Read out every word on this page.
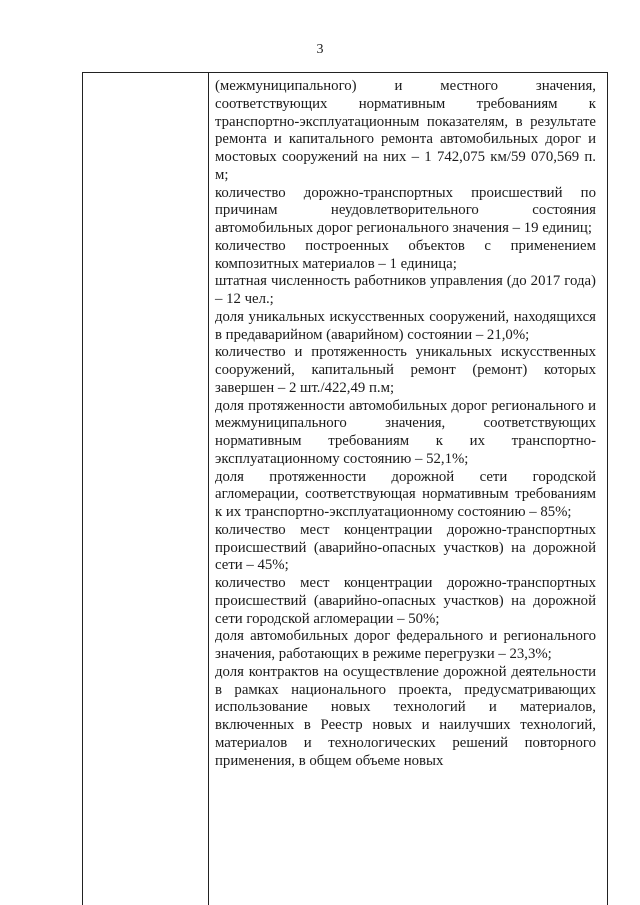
3

(межмуниципального) и местного значения, соответствующих нормативным требованиям к транспортно-эксплуатационным показателям, в результате ремонта и капитального ремонта автомобильных дорог и мостовых сооружений на них – 1 742,075 км/59 070,569 п. м;

количество дорожно-транспортных происшествий по причинам неудовлетворительного состояния автомобильных дорог регионального значения – 19 единиц;

количество построенных объектов с применением композитных материалов – 1 единица;

штатная численность работников управления (до 2017 года) – 12 чел.;

доля уникальных искусственных сооружений, находящихся в предаварийном (аварийном) состоянии – 21,0%;

количество и протяженность уникальных искусственных сооружений, капитальный ремонт (ремонт) которых завершен – 2 шт./422,49 п.м;

доля протяженности автомобильных дорог регионального и межмуниципального значения, соответствующих нормативным требованиям к их транспортно-эксплуатационному состоянию – 52,1%;

доля протяженности дорожной сети городской агломерации, соответствующая нормативным требованиям к их транспортно-эксплуатационному состоянию – 85%;

количество мест концентрации дорожно-транспортных происшествий (аварийно-опасных участков) на дорожной сети – 45%;

количество мест концентрации дорожно-транспортных происшествий (аварийно-опасных участков) на дорожной сети городской агломерации – 50%;

доля автомобильных дорог федерального и регионального значения, работающих в режиме перегрузки – 23,3%;

доля контрактов на осуществление дорожной деятельности в рамках национального проекта, предусматривающих использование новых технологий и материалов, включенных в Реестр новых и наилучших технологий, материалов и технологических решений повторного применения, в общем объеме новых
